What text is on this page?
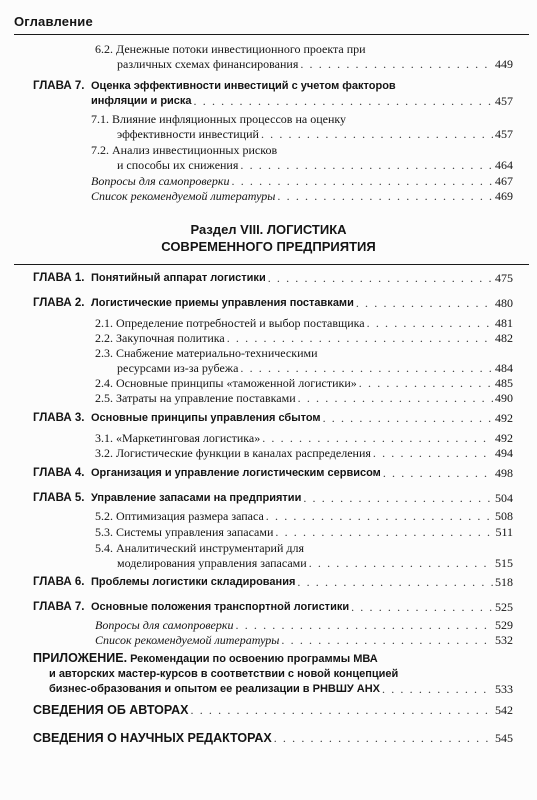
Оглавление
6.2. Денежные потоки инвестиционного проекта при
различных схемах финансирования . . .	449
ГЛАВА 7. Оценка эффективности инвестиций с учетом факторов
инфляции и риска . . .	457
7.1. Влияние инфляционных процессов на оценку
эффективности инвестиций . . .	457
7.2. Анализ инвестиционных рисков
и способы их снижения . . .	464
Вопросы для самопроверки . . .	467
Список рекомендуемой литературы . . .	469
Раздел VIII. ЛОГИСТИКА
СОВРЕМЕННОГО ПРЕДПРИЯТИЯ
ГЛАВА 1. Понятийный аппарат логистики . . .	475
ГЛАВА 2. Логистические приемы управления поставками . . .	480
2.1. Определение потребностей и выбор поставщика . . .	481
2.2. Закупочная политика . . .	482
2.3. Снабжение материально-техническими
ресурсами из-за рубежа . . .	484
2.4. Основные принципы «таможенной логистики» . . .	485
2.5. Затраты на управление поставками . . .	490
ГЛАВА 3. Основные принципы управления сбытом . . .	492
3.1. «Маркетинговая логистика» . . .	492
3.2. Логистические функции в каналах распределения . . .	494
ГЛАВА 4. Организация и управление логистическим сервисом . . .	498
ГЛАВА 5. Управление запасами на предприятии . . .	504
5.2. Оптимизация размера запаса . . .	508
5.3. Системы управления запасами . . .	511
5.4. Аналитический инструментарий для
моделирования управления запасами . . .	515
ГЛАВА 6. Проблемы логистики складирования . . .	518
ГЛАВА 7. Основные положения транспортной логистики . . .	525
Вопросы для самопроверки . . .	529
Список рекомендуемой литературы . . .	532
ПРИЛОЖЕНИЕ. Рекомендации по освоению программы МВА
и авторских мастер-курсов в соответствии с новой концепцией
бизнес-образования и опытом ее реализации в РНВШУ АНХ . . .	533
СВЕДЕНИЯ ОБ АВТОРАХ . . .	542
СВЕДЕНИЯ О НАУЧНЫХ РЕДАКТОРАХ . . .	545
